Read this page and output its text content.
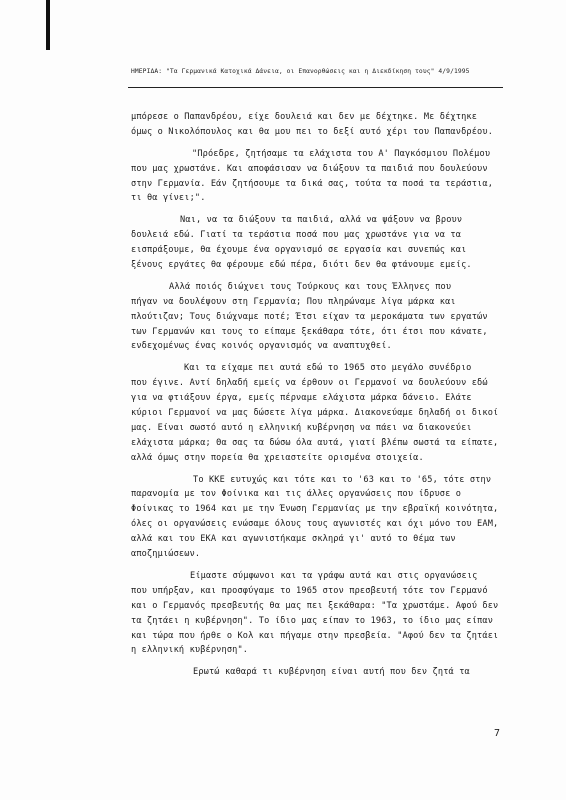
ΗΜΕΡΙΔΑ: "Τα Γερμανικά Κατοχικά Δάνεια, οι Επανορθώσεις και η Διεκδίκηση τους" 4/9/1995
μπόρεσε ο Παπανδρέου, είχε δουλειά και δεν με δέχτηκε. Με δέχτηκε
όμως ο Νικολόπουλος και θα μου πει το δεξί αυτό χέρι του Παπανδρέου.
"Πρόεδρε, ζητήσαμε τα ελάχιστα του Α' Παγκόσμιου Πολέμου
που μας χρωστάνε. Και αποφάσισαν να διώξουν τα παιδιά που δουλεύουν
στην Γερμανία. Εάν ζητήσουμε τα δικά σας, τούτα τα ποσά τα τεράστια,
τι θα γίνει;".
Ναι, να τα διώξουν τα παιδιά, αλλά να ψάξουν να βρουν
δουλειά εδώ. Γιατί τα τεράστια ποσά που μας χρωστάνε για να τα
εισπράξουμε, θα έχουμε ένα οργανισμό σε εργασία και συνεπώς και
ξένους εργάτες θα φέρουμε εδώ πέρα, διότι δεν θα φτάνουμε εμείς.
Αλλά ποιός διώχνει τους Τούρκους και τους Έλληνες που
πήγαν να δουλέψουν στη Γερμανία; Που πληρώναμε λίγα μάρκα και
πλούτιζαν; Τους διώχναμε ποτέ; Έτσι είχαν τα μεροκάματα των εργατών
των Γερμανών και τους το είπαμε ξεκάθαρα τότε, ότι έτσι που κάνατε,
ενδεχομένως ένας κοινός οργανισμός να αναπτυχθεί.
Και τα είχαμε πει αυτά εδώ το 1965 στο μεγάλο συνέδριο
που έγινε. Αντί δηλαδή εμείς να έρθουν οι Γερμανοί να δουλεύουν εδώ
για να φτιάξουν έργα, εμείς πέρναμε ελάχιστα μάρκα δάνειο. Ελάτε
κύριοι Γερμανοί να μας δώσετε λίγα μάρκα. Διακονεύαμε δηλαδή οι δικοί
μας. Είναι σωστό αυτό η ελληνική κυβέρνηση να πάει να διακονεύει
ελάχιστα μάρκα; Θα σας τα δώσω όλα αυτά, γιατί βλέπω σωστά τα είπατε,
αλλά όμως στην πορεία θα χρειαστείτε ορισμένα στοιχεία.
Το ΚΚΕ ευτυχώς και τότε και το '63 και το '65, τότε στην
παρανομία με τον Φοίνικα και τις άλλες οργανώσεις που ίδρυσε ο
Φοίνικας το 1964 και με την Ένωση Γερμανίας με την εβραϊκή κοινότητα,
όλες οι οργανώσεις ενώσαμε όλους τους αγωνιστές και όχι μόνο του ΕΑΜ,
αλλά και του ΕΚΑ και αγωνιστήκαμε σκληρά γι' αυτό το θέμα των
αποζημιώσεων.
Είμαστε σύμφωνοι και τα γράφω αυτά και στις οργανώσεις
που υπήρξαν, και προσφύγαμε το 1965 στον πρεσβευτή τότε τον Γερμανό
και ο Γερμανός πρεσβευτής θα μας πει ξεκάθαρα: "Τα χρωστάμε. Αφού δεν
τα ζητάει η κυβέρνηση". Το ίδιο μας είπαν το 1963, το ίδιο μας είπαν
και τώρα που ήρθε ο Κολ και πήγαμε στην πρεσβεία. "Αφού δεν τα ζητάει
η ελληνική κυβέρνηση".
Ερωτώ καθαρά τι κυβέρνηση είναι αυτή που δεν ζητά τα
7
